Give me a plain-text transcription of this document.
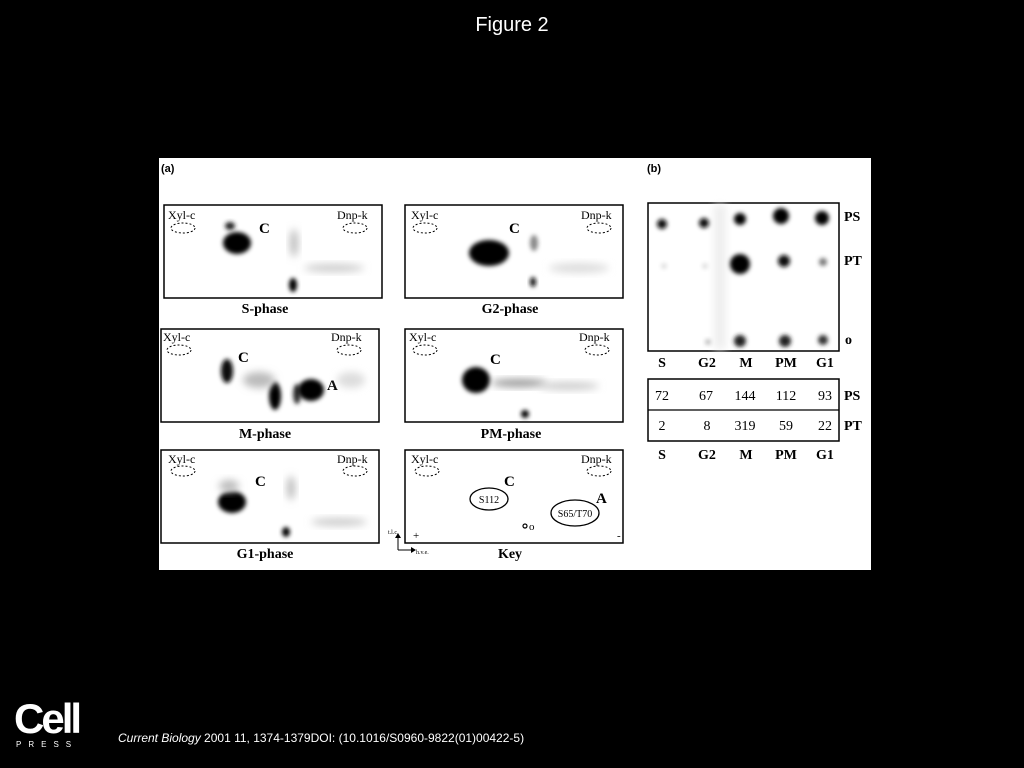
Figure 2
(a)	(b)
Xyl-c	Dnp-k
C
S-phase
Xyl-c	Dnp-k
C
G2-phase
Xyl-c	Dnp-k
C
A
M-phase
Xyl-c	Dnp-k
C
PM-phase
Xyl-c	Dnp-k
C
G1-phase
Xyl-c	Dnp-k
C
A
S112
S65/T70
o
+	-
Key
t.l.c.
h.v.e.
PS
PT
o
S G2 M PM G1
72 67 144 112 93
2	8 319 59 22
PS
PT
S G2 M PM G1
Cell
PRESS	Current Biology 2001 11, 1374-1379DOI: (10.1016/S0960-9822(01)00422-5)
